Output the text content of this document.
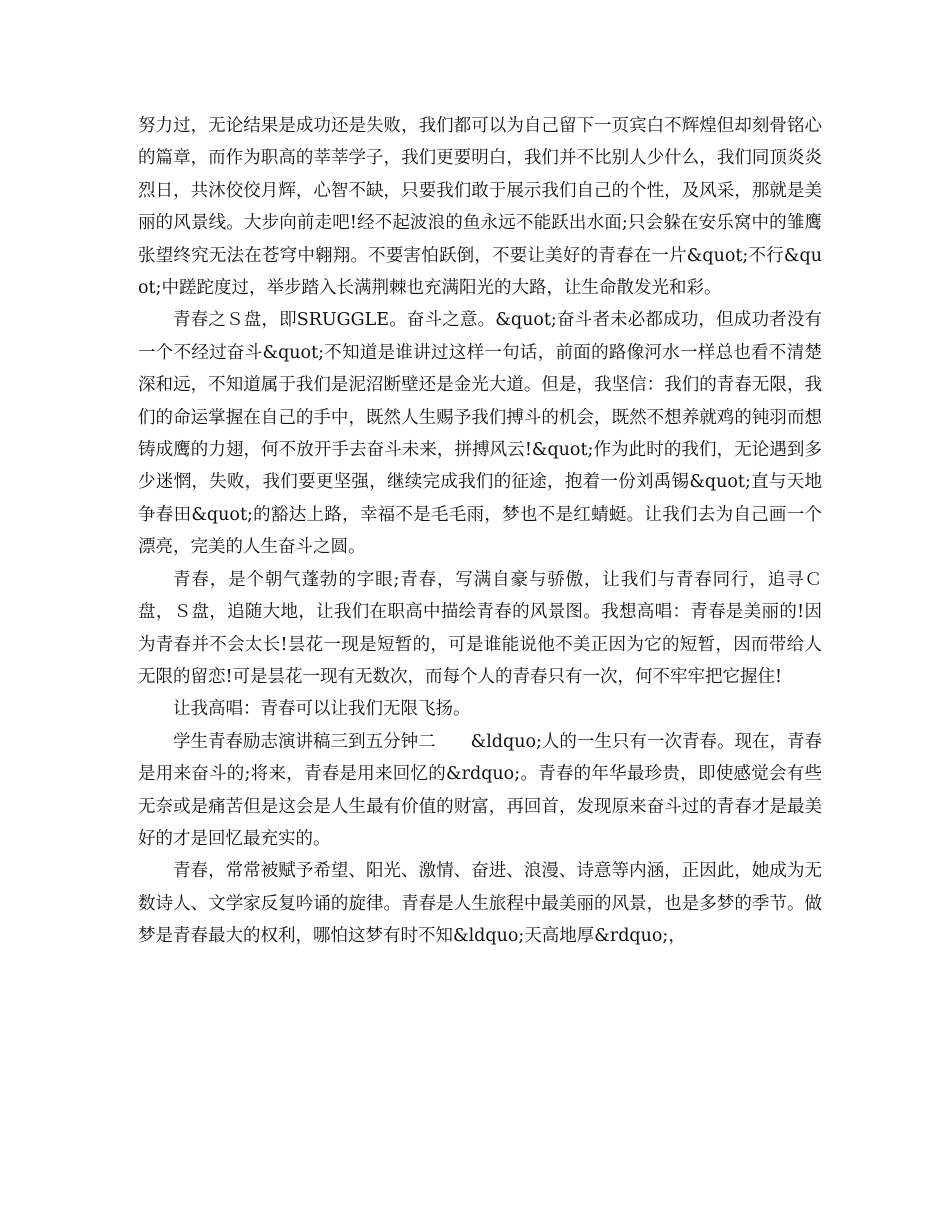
努力过，无论结果是成功还是失败，我们都可以为自己留下一页宾白不辉煌但却刻骨铭心的篇章，而作为职高的莘莘学子，我们更要明白，我们并不比别人少什么，我们同顶炎炎烈日，共沐佼佼月辉，心智不缺，只要我们敢于展示我们自己的个性，及风采，那就是美丽的风景线。大步向前走吧!经不起波浪的鱼永远不能跃出水面;只会躲在安乐窝中的雏鹰张望终究无法在苍穹中翱翔。不要害怕跃倒，不要让美好的青春在一片&quot;不行&quot;中蹉跎度过，举步踏入长满荆棘也充满阳光的大路，让生命散发光和彩。

青春之Ｓ盘，即SRUGGLE。奋斗之意。&quot;奋斗者未必都成功，但成功者没有一个不经过奋斗&quot;不知道是谁讲过这样一句话，前面的路像河水一样总也看不清楚深和远，不知道属于我们是泥沼断壁还是金光大道。但是，我坚信：我们的青春无限，我们的命运掌握在自己的手中，既然人生赐予我们搏斗的机会，既然不想养就鸡的钝羽而想铸成鹰的力翅，何不放开手去奋斗未来，拼搏风云!&quot;作为此时的我们，无论遇到多少迷惘，失败，我们要更坚强，继续完成我们的征途，抱着一份刘禹锡&quot;直与天地争春田&quot;的豁达上路，幸福不是毛毛雨，梦也不是红蜻蜓。让我们去为自己画一个漂亮，完美的人生奋斗之圆。

青春，是个朝气蓬勃的字眼;青春，写满自豪与骄傲，让我们与青春同行，追寻Ｃ盘，Ｓ盘，追随大地，让我们在职高中描绘青春的风景图。我想高唱：青春是美丽的!因为青春并不会太长!昙花一现是短暂的，可是谁能说他不美正因为它的短暂，因而带给人无限的留恋!可是昙花一现有无数次，而每个人的青春只有一次，何不牢牢把它握住!

让我高唱：青春可以让我们无限飞扬。

学生青春励志演讲稿三到五分钟二　　&ldquo;人的一生只有一次青春。现在，青春是用来奋斗的;将来，青春是用来回忆的&rdquo;。青春的年华最珍贵，即使感觉会有些无奈或是痛苦但是这会是人生最有价值的财富，再回首，发现原来奋斗过的青春才是最美好的才是回忆最充实的。

青春，常常被赋予希望、阳光、激情、奋进、浪漫、诗意等内涵，正因此，她成为无数诗人、文学家反复吟诵的旋律。青春是人生旅程中最美丽的风景，也是多梦的季节。做梦是青春最大的权利，哪怕这梦有时不知&ldquo;天高地厚&rdquo;，
